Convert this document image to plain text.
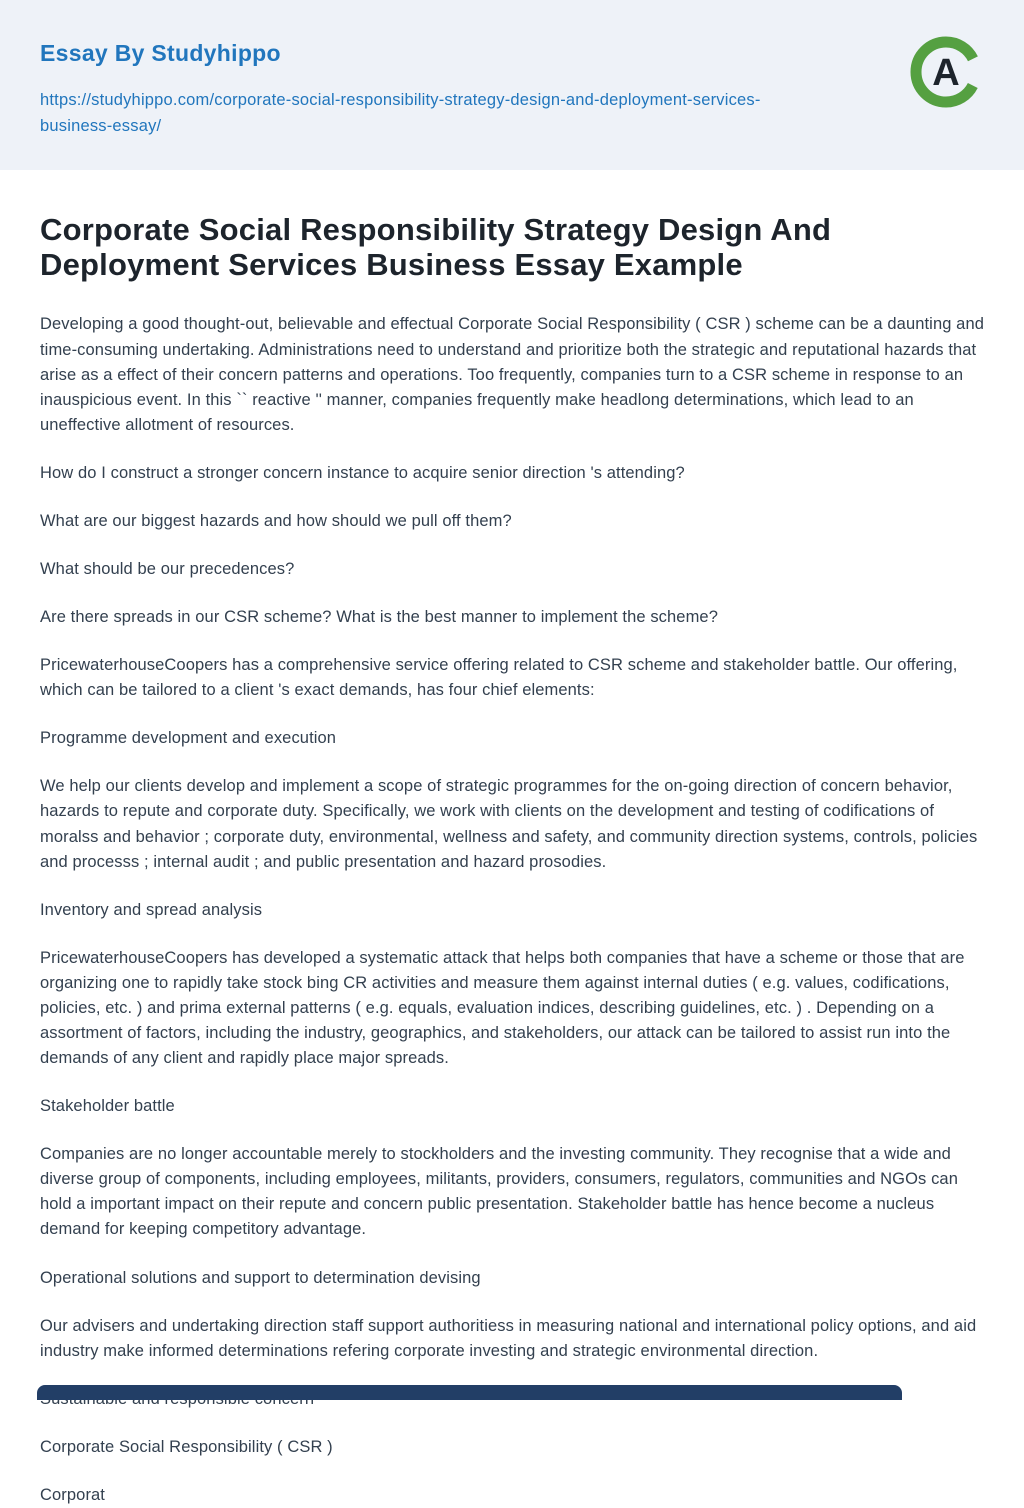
Essay By Studyhippo
https://studyhippo.com/corporate-social-responsibility-strategy-design-and-deployment-services-business-essay/
A
Corporate Social Responsibility Strategy Design And Deployment Services Business Essay Example

Developing a good thought-out, believable and effectual Corporate Social Responsibility ( CSR ) scheme can be a daunting and time-consuming undertaking. Administrations need to understand and prioritize both the strategic and reputational hazards that arise as a effect of their concern patterns and operations. Too frequently, companies turn to a CSR scheme in response to an inauspicious event. In this `` reactive '' manner, companies frequently make headlong determinations, which lead to an uneffective allotment of resources.

How do I construct a stronger concern instance to acquire senior direction 's attending?

What are our biggest hazards and how should we pull off them?

What should be our precedences?

Are there spreads in our CSR scheme? What is the best manner to implement the scheme?

PricewaterhouseCoopers has a comprehensive service offering related to CSR scheme and stakeholder battle. Our offering, which can be tailored to a client 's exact demands, has four chief elements:

Programme development and execution

We help our clients develop and implement a scope of strategic programmes for the on-going direction of concern behavior, hazards to repute and corporate duty. Specifically, we work with clients on the development and testing of codifications of moralss and behavior ; corporate duty, environmental, wellness and safety, and community direction systems, controls, policies and processs ; internal audit ; and public presentation and hazard prosodies.

Inventory and spread analysis

PricewaterhouseCoopers has developed a systematic attack that helps both companies that have a scheme or those that are organizing one to rapidly take stock bing CR activities and measure them against internal duties ( e.g. values, codifications, policies, etc. ) and prima external patterns ( e.g. equals, evaluation indices, describing guidelines, etc. ) . Depending on a assortment of factors, including the industry, geographics, and stakeholders, our attack can be tailored to assist run into the demands of any client and rapidly place major spreads.

Stakeholder battle

Companies are no longer accountable merely to stockholders and the investing community. They recognise that a wide and diverse group of components, including employees, militants, providers, consumers, regulators, communities and NGOs can hold a important impact on their repute and concern public presentation. Stakeholder battle has hence become a nucleus demand for keeping competitory advantage.

Operational solutions and support to determination devising

Our advisers and undertaking direction staff support authoritiess in measuring national and international policy options, and aid industry make informed determinations refering corporate investing and strategic environmental direction.

Corporate Social Responsibility ( CSR )

Corporat
